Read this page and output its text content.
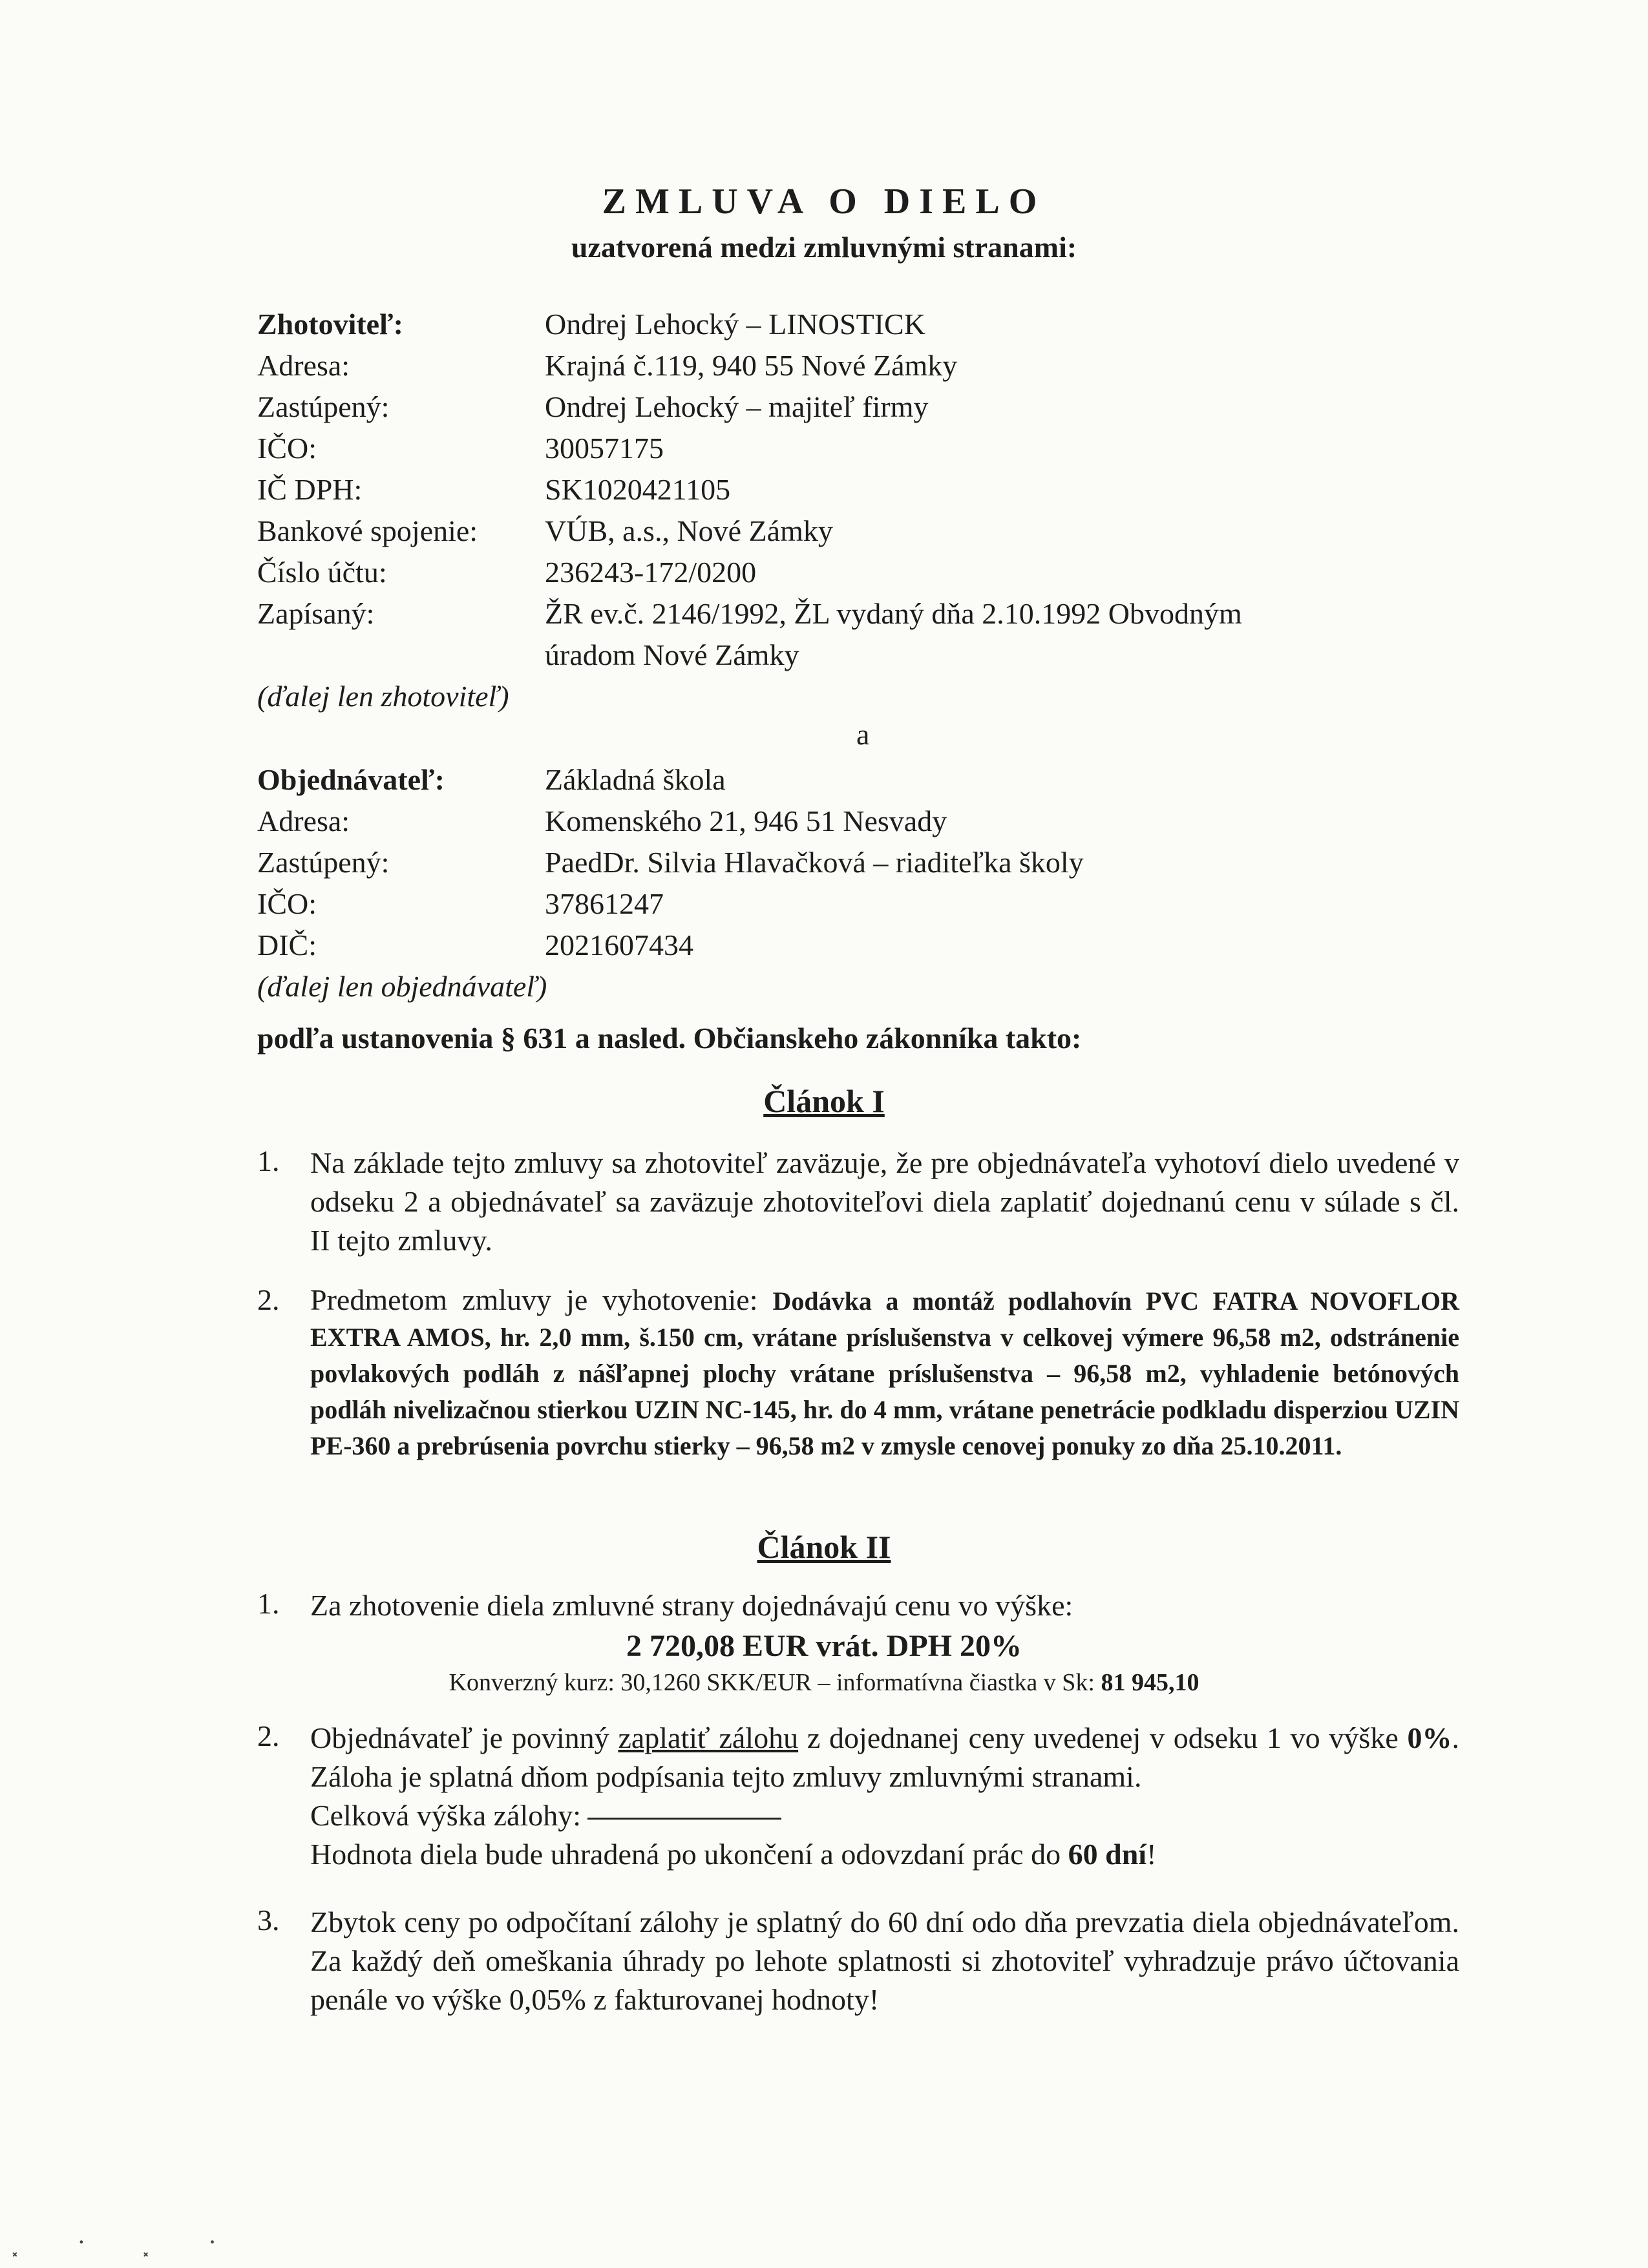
ZMLUVA O DIELO
uzatvorená medzi zmluvnými stranami:
Zhotoviteľ:	Ondrej Lehocký – LINOSTICK
Adresa:	Krajná č.119, 940 55 Nové Zámky
Zastúpený:	Ondrej Lehocký – majiteľ firmy
IČO:	30057175
IČ DPH:	SK1020421105
Bankové spojenie:	VÚB, a.s., Nové Zámky
Číslo účtu:	236243-172/0200
Zapísaný:	ŽR ev.č. 2146/1992, ŽL vydaný dňa 2.10.1992 Obvodným
úradom Nové Zámky
(ďalej len zhotoviteľ)
a
Objednávateľ:	Základná škola
Adresa:	Komenského 21, 946 51 Nesvady
Zastúpený:	PaedDr. Silvia Hlavačková – riaditeľka školy
IČO:	37861247
DIČ:	2021607434
(ďalej len objednávateľ)
podľa ustanovenia § 631 a nasled. Občianskeho zákonníka takto:
Článok I
1.	Na základe tejto zmluvy sa zhotoviteľ zaväzuje, že pre objednávateľa vyhotoví dielo uvedené v odseku 2 a objednávateľ sa zaväzuje zhotoviteľovi diela zaplatiť dojednanú cenu v súlade s čl. II tejto zmluvy.
2.	Predmetom zmluvy je vyhotovenie: Dodávka a montáž podlahovín PVC FATRA NOVOFLOR EXTRA AMOS, hr. 2,0 mm, š.150 cm, vrátane príslušenstva v celkovej výmere 96,58 m2, odstránenie povlakových podláh z nášľapnej plochy vrátane príslušenstva – 96,58 m2, vyhladenie betónových podláh nivelizačnou stierkou UZIN NC-145, hr. do 4 mm, vrátane penetrácie podkladu disperziou UZIN PE-360 a prebrúsenia povrchu stierky – 96,58 m2 v zmysle cenovej ponuky zo dňa 25.10.2011.
Článok II
1.	Za zhotovenie diela zmluvné strany dojednávajú cenu vo výške:
2 720,08 EUR vrát. DPH 20%
Konverzný kurz: 30,1260 SKK/EUR – informatívna čiastka v Sk: 81 945,10
2.	Objednávateľ je povinný zaplatiť zálohu z dojednanej ceny uvedenej v odseku 1 vo výške 0%. Záloha je splatná dňom podpísania tejto zmluvy zmluvnými stranami.
Celková výška zálohy:
Hodnota diela bude uhradená po ukončení a odovzdaní prác do 60 dní!
3.	Zbytok ceny po odpočítaní zálohy je splatný do 60 dní odo dňa prevzatia diela objednávateľom. Za každý deň omeškania úhrady po lehote splatnosti si zhotoviteľ vyhradzuje právo účtovania penále vo výške 0,05% z fakturovanej hodnoty!
⸼ · ⸼ ·
